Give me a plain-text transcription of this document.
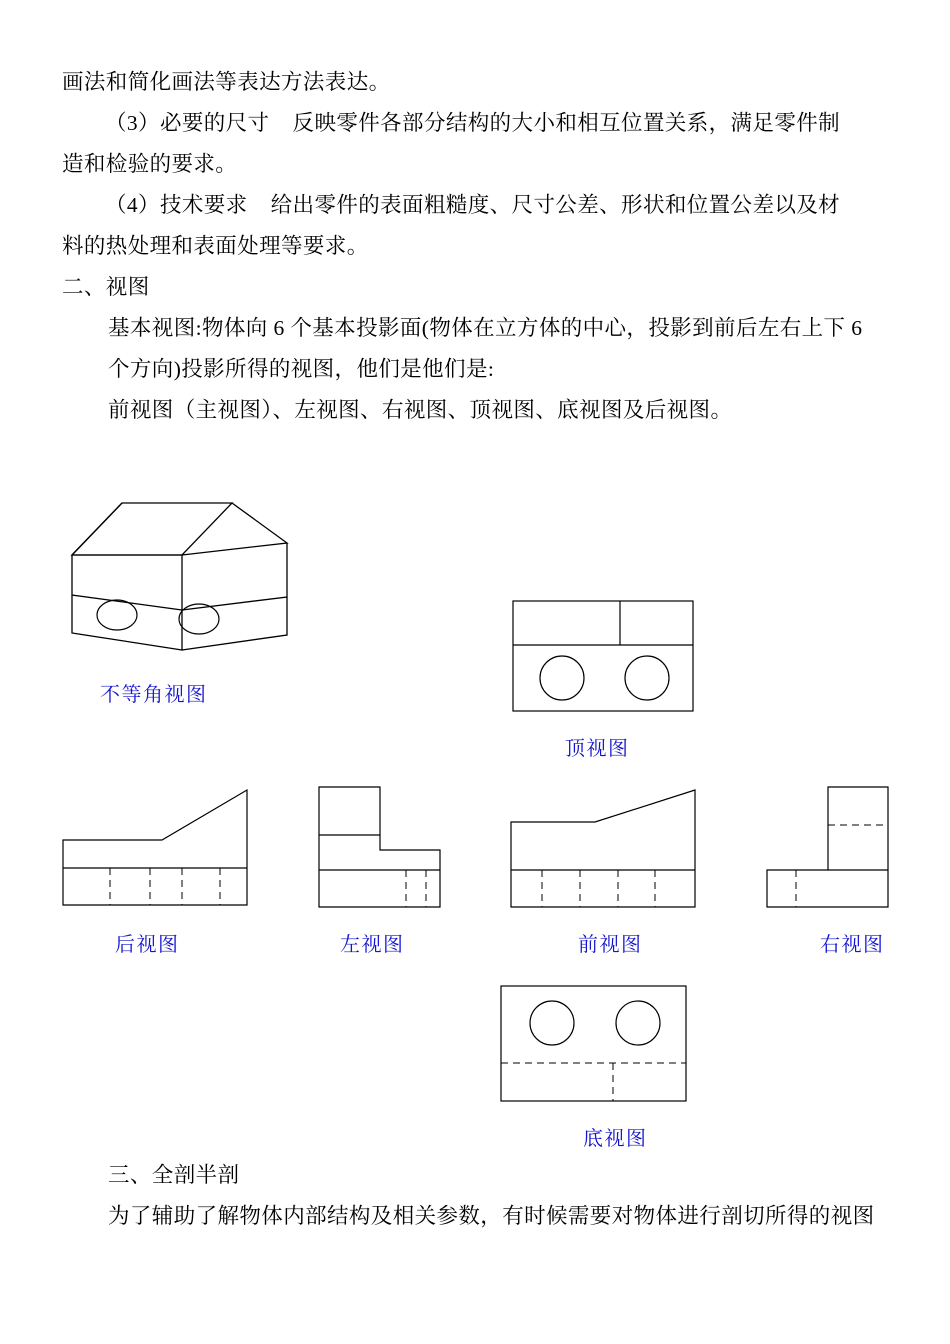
画法和简化画法等表达方法表达。

（3）必要的尺寸    反映零件各部分结构的大小和相互位置关系，满足零件制

造和检验的要求。

（4）技术要求    给出零件的表面粗糙度、尺寸公差、形状和位置公差以及材

料的热处理和表面处理等要求。

二、视图

基本视图:物体向 6 个基本投影面(物体在立方体的中心，投影到前后左右上下 6

个方向)投影所得的视图，他们是他们是:

前视图（主视图）、左视图、右视图、顶视图、底视图及后视图。

不等角视图
顶视图
后视图	左视图	前视图	右视图
底视图

三、全剖半剖

为了辅助了解物体内部结构及相关参数，有时候需要对物体进行剖切所得的视图
